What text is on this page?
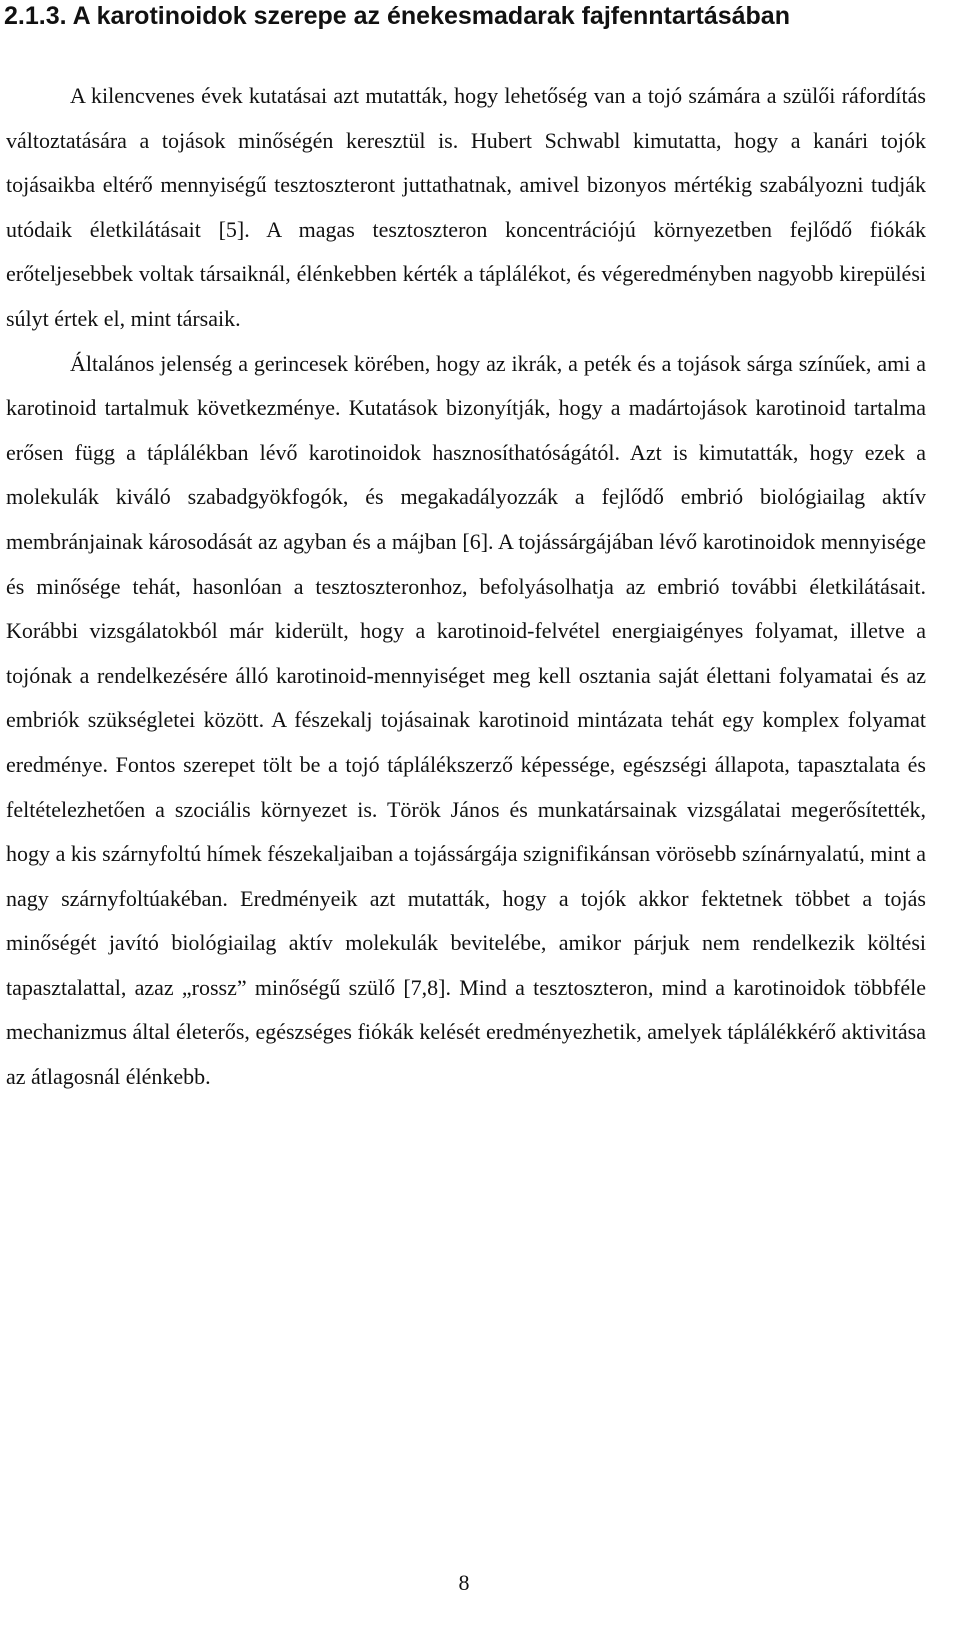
2.1.3. A karotinoidok szerepe az énekesmadarak fajfenntartásában

A kilencvenes évek kutatásai azt mutatták, hogy lehetőség van a tojó számára a szülői ráfordítás változtatására a tojások minőségén keresztül is. Hubert Schwabl kimutatta, hogy a kanári tojók tojásaikba eltérő mennyiségű tesztoszteront juttathatnak, amivel bizonyos mértékig szabályozni tudják utódaik életkilátásait [5]. A magas tesztoszteron koncentrációjú környezetben fejlődő fiókák erőteljesebbek voltak társaiknál, élénkebben kérték a táplálékot, és végeredményben nagyobb kirepülési súlyt értek el, mint társaik.

Általános jelenség a gerincesek körében, hogy az ikrák, a peték és a tojások sárga színűek, ami a karotinoid tartalmuk következménye. Kutatások bizonyítják, hogy a madártojások karotinoid tartalma erősen függ a táplálékban lévő karotinoidok hasznosíthatóságától. Azt is kimutatták, hogy ezek a molekulák kiváló szabadgyökfogók, és megakadályozzák a fejlődő embrió biológiailag aktív membránjainak károsodását az agyban és a májban [6]. A tojássárgájában lévő karotinoidok mennyisége és minősége tehát, hasonlóan a tesztoszteronhoz, befolyásolhatja az embrió további életkilátásait. Korábbi vizsgálatokból már kiderült, hogy a karotinoid-felvétel energiaigényes folyamat, illetve a tojónak a rendelkezésére álló karotinoid-mennyiséget meg kell osztania saját élettani folyamatai és az embriók szükségletei között. A fészekalj tojásainak karotinoid mintázata tehát egy komplex folyamat eredménye. Fontos szerepet tölt be a tojó táplálékszerző képessége, egészségi állapota, tapasztalata és feltételezhetően a szociális környezet is. Török János és munkatársainak vizsgálatai megerősítették, hogy a kis szárnyfoltú hímek fészekaljaiban a tojássárgája szignifikánsan vörösebb színárnyalatú, mint a nagy szárnyfoltúakéban. Eredményeik azt mutatták, hogy a tojók akkor fektetnek többet a tojás minőségét javító biológiailag aktív molekulák bevitelébe, amikor párjuk nem rendelkezik költési tapasztalattal, azaz „rossz” minőségű szülő [7,8]. Mind a tesztoszteron, mind a karotinoidok többféle mechanizmus által életerős, egészséges fiókák kelését eredményezhetik, amelyek táplálékkérő aktivitása az átlagosnál élénkebb.

8
